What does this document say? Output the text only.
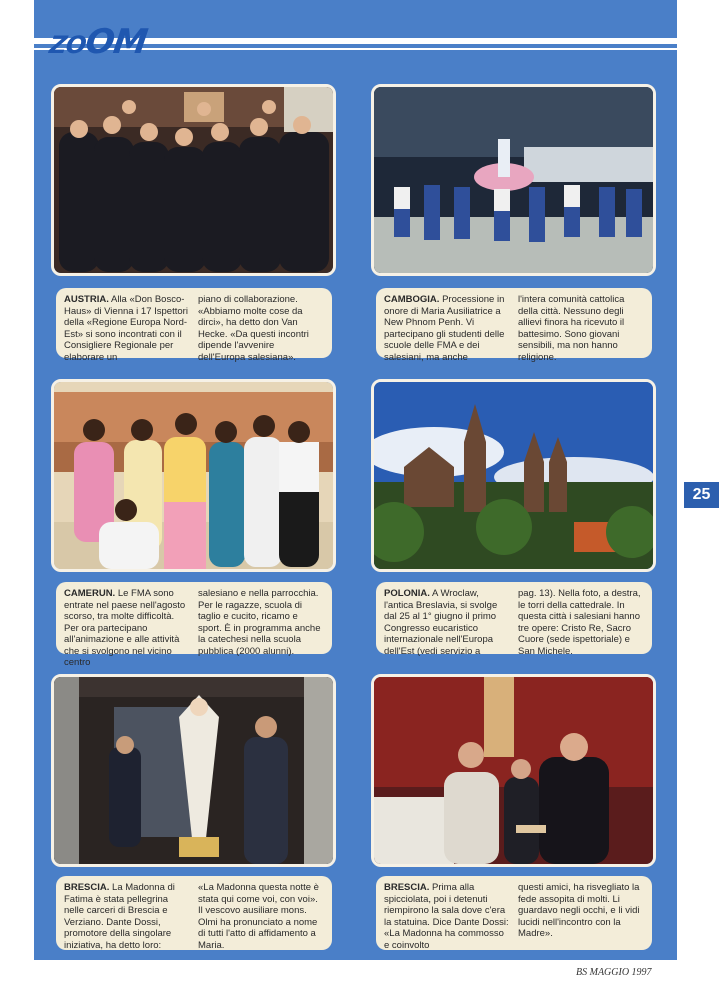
ZOOM
AUSTRIA. Alla «Don Bosco-Haus» di Vienna i 17 Ispettori della «Regione Europa Nord-Est» si sono incontrati con il Consigliere Regionale per elaborare un
piano di collaborazione. «Abbiamo molte cose da dirci», ha detto don Van Hecke. «Da questi incontri dipende l'avvenire dell'Europa salesiana».
CAMBOGIA. Processione in onore di Maria Ausiliatrice a New Phnom Penh. Vi partecipano gli studenti delle scuole delle FMA e dei salesiani, ma anche
l'intera comunità cattolica della città. Nessuno degli allievi finora ha ricevuto il battesimo. Sono giovani sensibili, ma non hanno religione.
CAMERUN. Le FMA sono entrate nel paese nell'agosto scorso, tra molte difficoltà. Per ora partecipano all'animazione e alle attività che si svolgono nel vicino centro
salesiano e nella parrocchia. Per le ragazze, scuola di taglio e cucito, ricamo e sport. È in programma anche la catechesi nella scuola pubblica (2000 alunni).
POLONIA. A Wroclaw, l'antica Breslavia, si svolge dal 25 al 1° giugno il primo Congresso eucaristico internazionale nell'Europa dell'Est (vedi servizio a
pag. 13). Nella foto, a destra, le torri della cattedrale. In questa città i salesiani hanno tre opere: Cristo Re, Sacro Cuore (sede ispettoriale) e San Michele.
BRESCIA. La Madonna di Fatima è stata pellegrina nelle carceri di Brescia e Verziano. Dante Dossi, promotore della singolare iniziativa, ha detto loro:
«La Madonna questa notte è stata qui come voi, con voi». Il vescovo ausiliare mons. Olmi ha pronunciato a nome di tutti l'atto di affidamento a Maria.
BRESCIA. Prima alla spicciolata, poi i detenuti riempirono la sala dove c'era la statuina. Dice Dante Dossi: «La Madonna ha commosso e coinvolto
questi amici, ha risvegliato la fede assopita di molti. Li guardavo negli occhi, e li vidi lucidi nell'incontro con la Madre».
25
BS MAGGIO 1997
